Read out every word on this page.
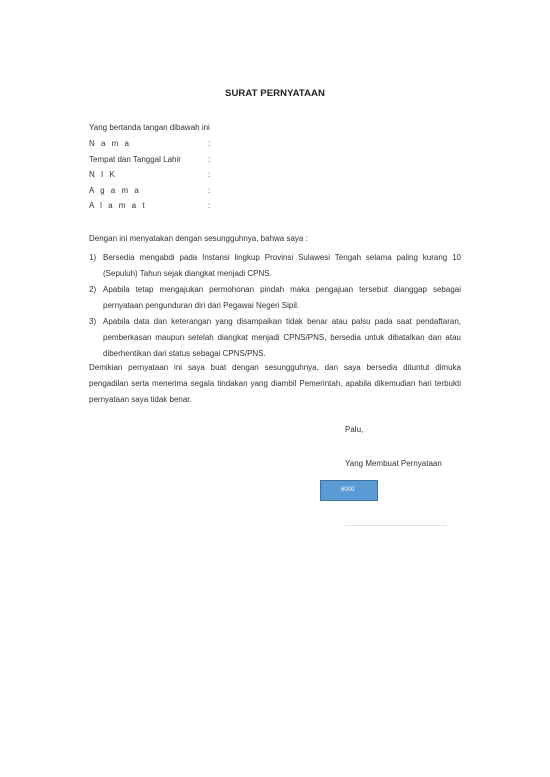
SURAT PERNYATAAN
Yang bertanda tangan dibawah ini
N a m a	:
Tempat dan Tanggal Lahir	:
N I K	:
A g a m a	:
A l a m a t	:
Dengan ini menyatakan dengan sesungguhnya, bahwa saya :
1) Bersedia mengabdi pada Instansi lingkup Provinsi Sulawesi Tengah selama paling kurang 10 (Sepuluh) Tahun sejak diangkat menjadi CPNS.
2) Apabila tetap mengajukan permohonan pindah maka pengajuan tersebut dianggap sebagai pernyataan pengunduran diri dari Pegawai Negeri Sipil.
3) Apabila data dan keterangan yang disampaikan tidak benar atau palsu pada saat pendaftaran, pemberkasan maupun setelah diangkat menjadi CPNS/PNS, bersedia untuk dibatalkan dan atau diberhentikan dari status sebagai CPNS/PNS.
Demikian pernyataan ini saya buat dengan sesungguhnya, dan saya bersedia dituntut dimuka pengadilan serta menerima segala tindakan yang diambil Pemerintah, apabila dikemudian hari terbukti pernyataan saya tidak benar.
Palu,
Yang Membuat Pernyataan
6000
................................................................
